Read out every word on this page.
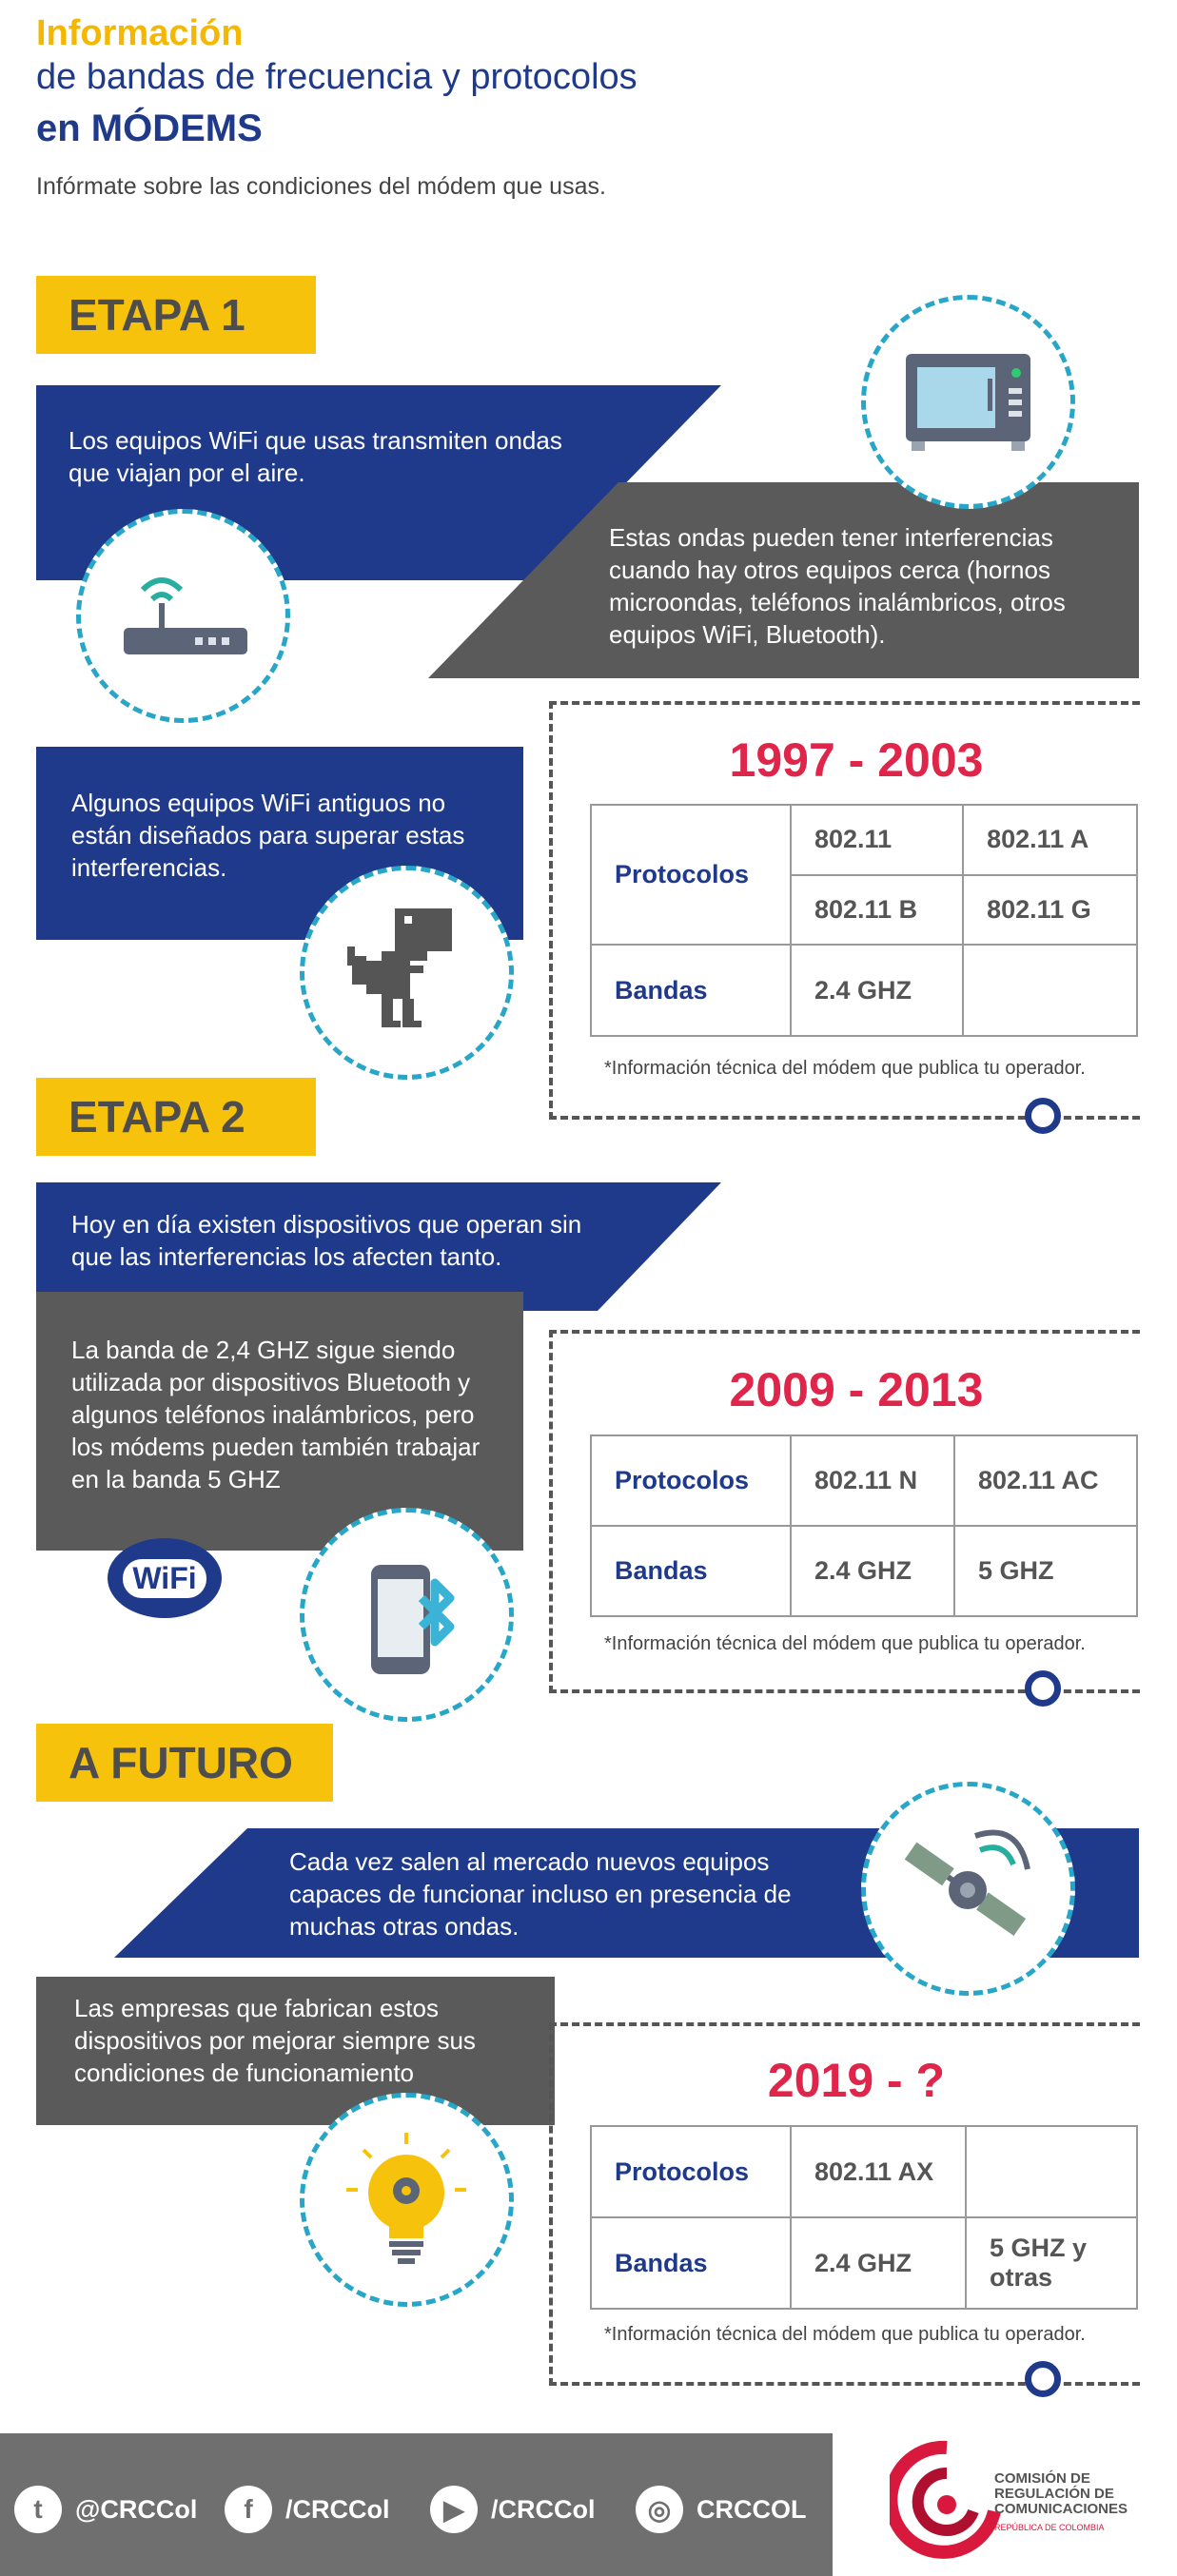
Información
de bandas de frecuencia y protocolos
en MÓDEMS
Infórmate sobre las condiciones del módem que usas.
ETAPA 1
Los equipos WiFi que usas transmiten ondas que viajan por el aire.
Estas ondas pueden tener interferencias cuando hay otros equipos cerca (hornos microondas, teléfonos inalámbricos, otros equipos WiFi, Bluetooth).
Algunos equipos WiFi antiguos no están diseñados para superar estas interferencias.
1997 - 2003
Protocolos	802.11	802.11 A
	802.11 B	802.11 G
Bandas	2.4 GHZ	
*Información técnica del módem que publica tu operador.
ETAPA 2
Hoy en día existen dispositivos que operan sin que las interferencias los afecten tanto.
La banda de 2,4 GHZ sigue siendo utilizada por dispositivos Bluetooth y algunos teléfonos inalámbricos, pero los módems pueden también trabajar en la banda 5 GHZ
WiFi
2009 - 2013
Protocolos	802.11 N	802.11 AC
Bandas	2.4 GHZ	5 GHZ
*Información técnica del módem que publica tu operador.
A FUTURO
Cada vez salen al mercado nuevos equipos capaces de funcionar incluso en presencia de muchas otras ondas.
Las empresas que fabrican estos dispositivos por mejorar siempre sus condiciones de funcionamiento	2019 - ?
Protocolos	802.11 AX	
Bandas	2.4 GHZ	5 GHZ y otras
*Información técnica del módem que publica tu operador.
t	@CRCCol	f	/CRCCol	▶	/CRCCol	◎ CRCCOL
COMISIÓN DE REGULACIÓN DE COMUNICACIONES
REPÚBLICA DE COLOMBIA
